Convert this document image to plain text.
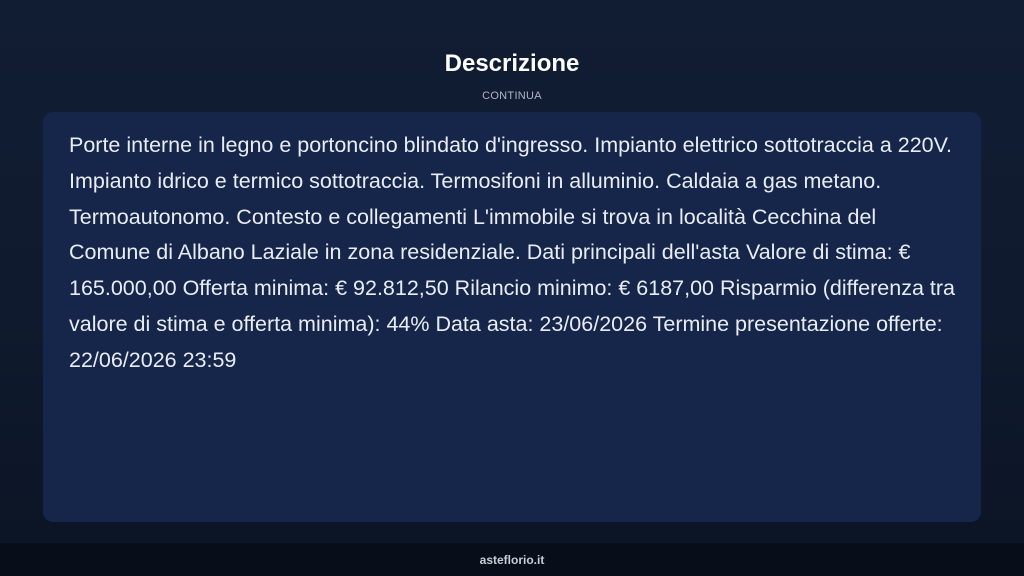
Descrizione
CONTINUA

Porte interne in legno e portoncino blindato d'ingresso. Impianto elettrico sottotraccia a 220V. Impianto idrico e termico sottotraccia. Termosifoni in alluminio. Caldaia a gas metano. Termoautonomo. Contesto e collegamenti L'immobile si trova in località Cecchina del Comune di Albano Laziale in zona residenziale. Dati principali dell'asta Valore di stima: € 165.000,00 Offerta minima: € 92.812,50 Rilancio minimo: € 6187,00 Risparmio (differenza tra valore di stima e offerta minima): 44% Data asta: 23/06/2026 Termine presentazione offerte: 22/06/2026 23:59

asteflorio.it
